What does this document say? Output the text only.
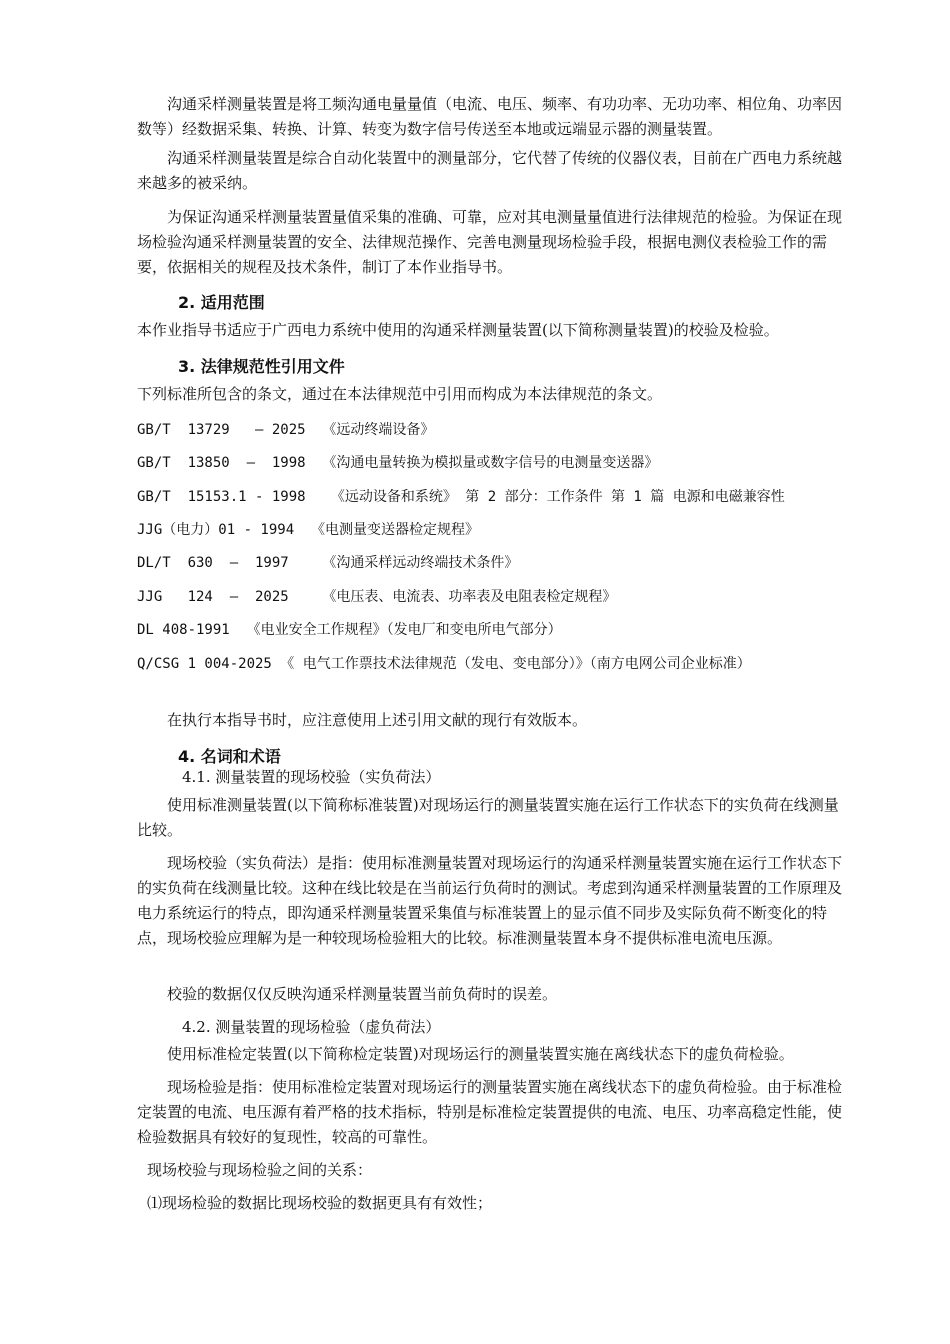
沟通采样测量装置是将工频沟通电量量值（电流、电压、频率、有功功率、无功功率、相位角、功率因数等）经数据采集、转换、计算、转变为数字信号传送至本地或远端显示器的测量装置。

沟通采样测量装置是综合自动化装置中的测量部分，它代替了传统的仪器仪表，目前在广西电力系统越来越多的被采纳。

为保证沟通采样测量装置量值采集的准确、可靠，应对其电测量量值进行法律规范的检验。为保证在现场检验沟通采样测量装置的安全、法律规范操作、完善电测量现场检验手段，根据电测仪表检验工作的需要，依据相关的规程及技术条件，制订了本作业指导书。

2. 适用范围

本作业指导书适应于广西电力系统中使用的沟通采样测量装置(以下简称测量装置)的校验及检验。

3. 法律规范性引用文件

下列标准所包含的条文，通过在本法律规范中引用而构成为本法律规范的条文。

GB/T  13729   – 2025  《远动终端设备》

GB/T  13850  –  1998  《沟通电量转换为模拟量或数字信号的电测量变送器》

GB/T  15153.1 - 1998   《远动设备和系统》 第 2 部分：工作条件 第 1 篇 电源和电磁兼容性

JJG（电力）01 - 1994  《电测量变送器检定规程》

DL/T  630  –  1997    《沟通采样远动终端技术条件》

JJG   124  –  2025    《电压表、电流表、功率表及电阻表检定规程》

DL 408-1991  《电业安全工作规程》（发电厂和变电所电气部分）

Q/CSG 1 004-2025 《 电气工作票技术法律规范（发电、变电部分）》（南方电网公司企业标准）

在执行本指导书时，应注意使用上述引用文献的现行有效版本。

4. 名词和术语

4.1. 测量装置的现场校验（实负荷法）

使用标准测量装置(以下简称标准装置)对现场运行的测量装置实施在运行工作状态下的实负荷在线测量比较。

现场校验（实负荷法）是指：使用标准测量装置对现场运行的沟通采样测量装置实施在运行工作状态下的实负荷在线测量比较。这种在线比较是在当前运行负荷时的测试。考虑到沟通采样测量装置的工作原理及电力系统运行的特点，即沟通采样测量装置采集值与标准装置上的显示值不同步及实际负荷不断变化的特点，现场校验应理解为是一种较现场检验粗大的比较。标准测量装置本身不提供标准电流电压源。

校验的数据仅仅反映沟通采样测量装置当前负荷时的误差。

4.2. 测量装置的现场检验（虚负荷法）

使用标准检定装置(以下简称检定装置)对现场运行的测量装置实施在离线状态下的虚负荷检验。

现场检验是指：使用标准检定装置对现场运行的测量装置实施在离线状态下的虚负荷检验。由于标准检定装置的电流、电压源有着严格的技术指标，特别是标准检定装置提供的电流、电压、功率高稳定性能，使检验数据具有较好的复现性，较高的可靠性。

现场校验与现场检验之间的关系：

⑴现场检验的数据比现场校验的数据更具有有效性；
